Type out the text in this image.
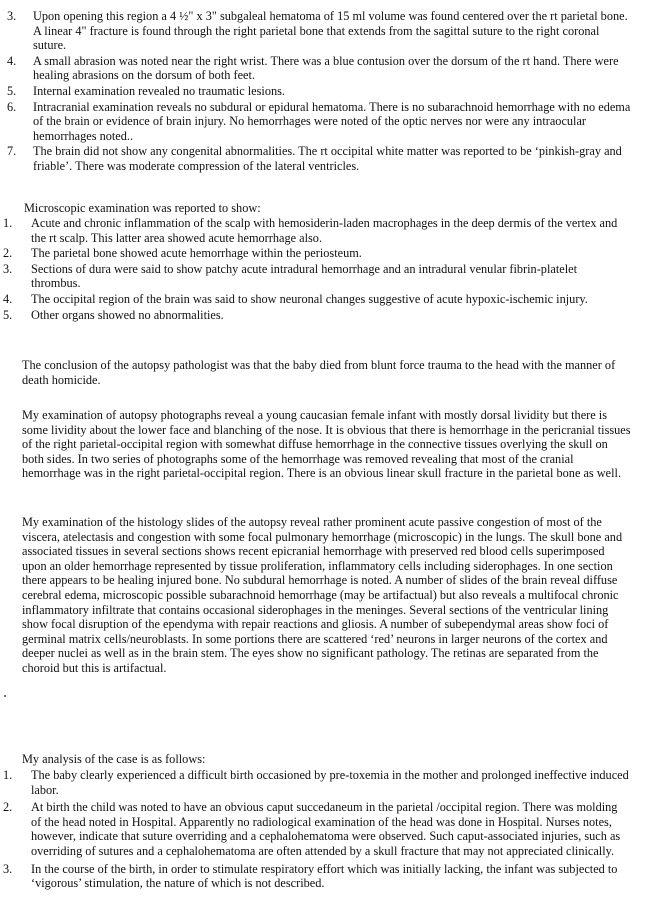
3.	Upon opening this region a 4 ½" x 3" subgaleal hematoma of 15 ml volume was found centered over the rt parietal bone. A linear 4" fracture is found through the right parietal bone that extends from the sagittal suture to the right coronal suture.
4.	A small abrasion was noted near the right wrist. There was a blue contusion over the dorsum of the rt hand. There were healing abrasions on the dorsum of both feet.
5.	Internal examination revealed no traumatic lesions.
6.	Intracranial examination reveals no subdural or epidural hematoma. There is no subarachnoid hemorrhage with no edema of the brain or evidence of brain injury. No hemorrhages were noted of the optic nerves nor were any intraocular hemorrhages noted..
7.	The brain did not show any congenital abnormalities. The rt occipital white matter was reported to be ‘pinkish-gray and friable’. There was moderate compression of the lateral ventricles.

Microscopic examination was reported to show:

1.	Acute and chronic inflammation of the scalp with hemosiderin-laden macrophages in the deep dermis of the vertex and the rt scalp. This latter area showed acute hemorrhage also.
2.	The parietal bone showed acute hemorrhage within the periosteum.
3.	Sections of dura were said to show patchy acute intradural hemorrhage and an intradural venular fibrin-platelet thrombus.
4.	The occipital region of the brain was said to show neuronal changes suggestive of acute hypoxic-ischemic injury.
5.	Other organs showed no abnormalities.

The conclusion of the autopsy pathologist was that the baby died from blunt force trauma to the head with the manner of death homicide.

My examination of autopsy photographs reveal a young caucasian female infant with mostly dorsal lividity but there is some lividity about the lower face and blanching of the nose. It is obvious that there is hemorrhage in the pericranial tissues of the right parietal-occipital region with somewhat diffuse hemorrhage in the connective tissues overlying the skull on both sides. In two series of photographs some of the hemorrhage was removed revealing that most of the cranial hemorrhage was in the right parietal-occipital region. There is an obvious linear skull fracture in the parietal bone as well.

My examination of the histology slides of the autopsy reveal rather prominent acute passive congestion of most of the viscera, atelectasis and congestion with some focal pulmonary hemorrhage (microscopic) in the lungs. The skull bone and associated tissues in several sections shows recent epicranial hemorrhage with preserved red blood cells superimposed upon an older hemorrhage represented by tissue proliferation, inflammatory cells including siderophages. In one section there appears to be healing injured bone. No subdural hemorrhage is noted. A number of slides of the brain reveal diffuse cerebral edema, microscopic possible subarachnoid hemorrhage (may be artifactual) but also reveals a multifocal chronic inflammatory infiltrate that contains occasional siderophages in the meninges. Several sections of the ventricular lining show focal disruption of the ependyma with repair reactions and gliosis. A number of subependymal areas show foci of germinal matrix cells/neuroblasts. In some portions there are scattered ‘red’ neurons in larger neurons of the cortex and deeper nuclei as well as in the brain stem. The eyes show no significant pathology. The retinas are separated from the choroid but this is artifactual.

My analysis of the case is as follows:

1.	The baby clearly experienced a difficult birth occasioned by pre-toxemia in the mother and prolonged ineffective induced labor.
2.	At birth the child was noted to have an obvious caput succedaneum in the parietal /occipital region. There was molding of the head noted in Hospital. Apparently no radiological examination of the head was done in Hospital. Nurses notes, however, indicate that suture overriding and a cephalohematoma were observed. Such caput-associated injuries, such as overriding of sutures and a cephalohematoma are often attended by a skull fracture that may not appreciated clinically.
3.	In the course of the birth, in order to stimulate respiratory effort which was initially lacking, the infant was subjected to ‘vigorous’ stimulation, the nature of which is not described.
